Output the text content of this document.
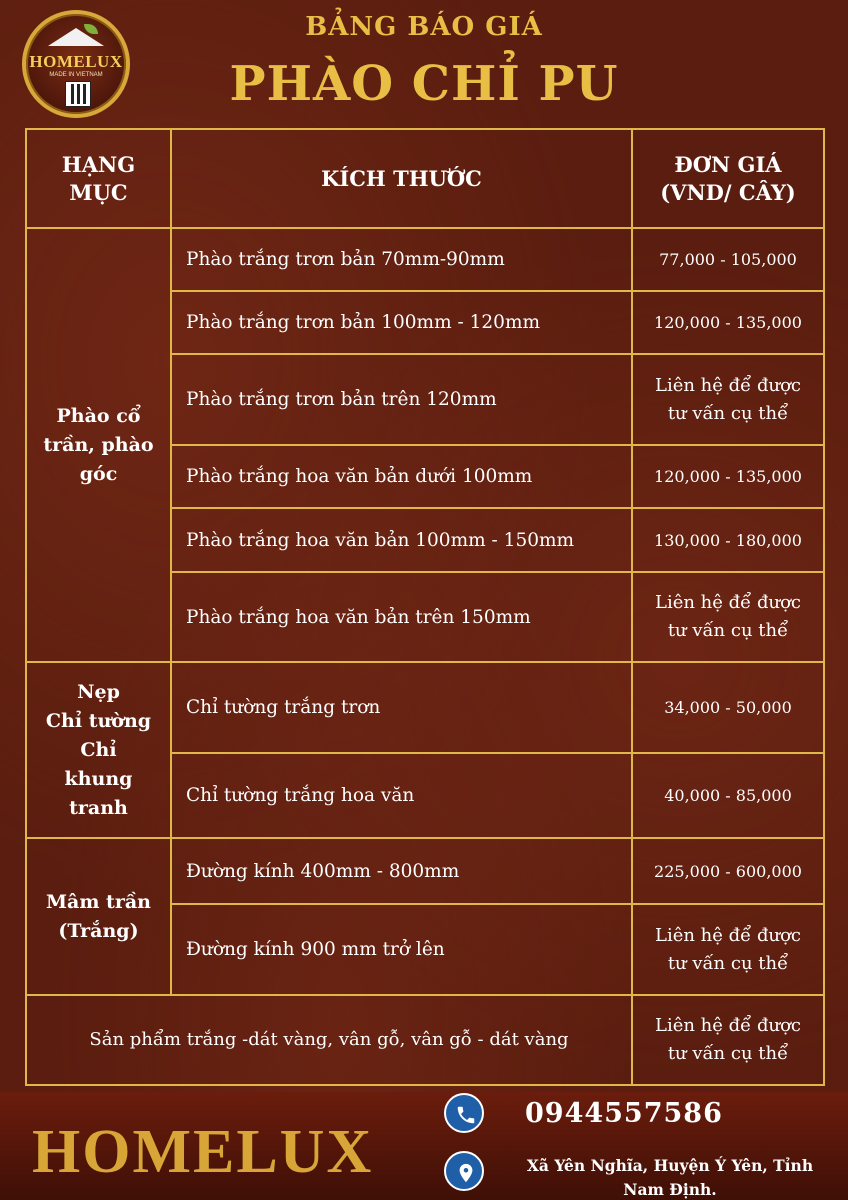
HOMELUX
MADE IN VIETNAM
BẢNG BÁO GIÁ
PHÀO CHỈ PU
HẠNG MỤC	KÍCH THƯỚC	ĐƠN GIÁ
(VND/ CÂY)

Phào cổ
trần, phào
góc	Phào trắng trơn bản 70mm-90mm	77,000 - 105,000
	Phào trắng trơn bản 100mm - 120mm	120,000 - 135,000
	Phào trắng trơn bản trên 120mm	Liên hệ để được
tư vấn cụ thể

	Phào trắng hoa văn bản dưới 100mm	120,000 - 135,000
	Phào trắng hoa văn bản 100mm - 150mm	130,000 - 180,000
	Phào trắng hoa văn bản trên 150mm	Liên hệ để được
tư vấn cụ thể

Nẹp
Chỉ tường
Chỉ
khung
tranh	Chỉ tường trắng trơn	34,000 - 50,000
	Chỉ tường trắng hoa văn	40,000 - 85,000

Mâm trần
(Trắng)	Đường kính 400mm - 800mm	225,000 - 600,000
	Đường kính 900 mm trở lên	Liên hệ để được
tư vấn cụ thể

Sản phẩm trắng -dát vàng, vân gỗ, vân gỗ - dát vàng		Liên hệ để được
tư vấn cụ thể
HOMELUX
0944557586
Xã Yên Nghĩa, Huyện Ý Yên, Tỉnh
Nam Định.
